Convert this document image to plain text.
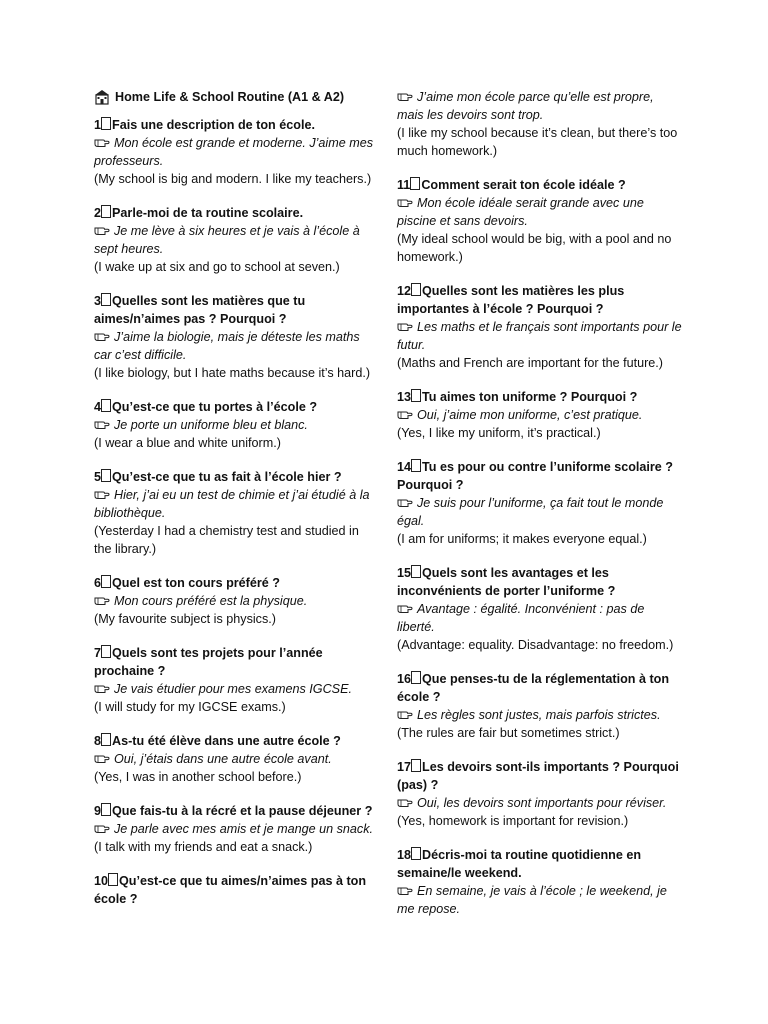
Home Life & School Routine (A1 & A2)
1 Fais une description de ton école.
Mon école est grande et moderne. J’aime mes professeurs.
(My school is big and modern. I like my teachers.)
2 Parle-moi de ta routine scolaire.
Je me lève à six heures et je vais à l’école à sept heures.
(I wake up at six and go to school at seven.)
3 Quelles sont les matières que tu aimes/n’aimes pas ? Pourquoi ?
J’aime la biologie, mais je déteste les maths car c’est difficile.
(I like biology, but I hate maths because it’s hard.)
4 Qu’est-ce que tu portes à l’école ?
Je porte un uniforme bleu et blanc.
(I wear a blue and white uniform.)
5 Qu’est-ce que tu as fait à l’école hier ?
Hier, j’ai eu un test de chimie et j’ai étudié à la bibliothèque.
(Yesterday I had a chemistry test and studied in the library.)
6 Quel est ton cours préféré ?
Mon cours préféré est la physique.
(My favourite subject is physics.)
7 Quels sont tes projets pour l’année prochaine ?
Je vais étudier pour mes examens IGCSE.
(I will study for my IGCSE exams.)
8 As-tu été élève dans une autre école ?
Oui, j’étais dans une autre école avant.
(Yes, I was in another school before.)
9 Que fais-tu à la récré et la pause déjeuner ?
Je parle avec mes amis et je mange un snack.
(I talk with my friends and eat a snack.)
10 Qu’est-ce que tu aimes/n’aimes pas à ton école ?
J’aime mon école parce qu’elle est propre, mais les devoirs sont trop.
(I like my school because it’s clean, but there’s too much homework.)
11 Comment serait ton école idéale ?
Mon école idéale serait grande avec une piscine et sans devoirs.
(My ideal school would be big, with a pool and no homework.)
12 Quelles sont les matières les plus importantes à l’école ? Pourquoi ?
Les maths et le français sont importants pour le futur.
(Maths and French are important for the future.)
13 Tu aimes ton uniforme ? Pourquoi ?
Oui, j’aime mon uniforme, c’est pratique.
(Yes, I like my uniform, it’s practical.)
14 Tu es pour ou contre l’uniforme scolaire ? Pourquoi ?
Je suis pour l’uniforme, ça fait tout le monde égal.
(I am for uniforms; it makes everyone equal.)
15 Quels sont les avantages et les inconvénients de porter l’uniforme ?
Avantage : égalité. Inconvénient : pas de liberté.
(Advantage: equality. Disadvantage: no freedom.)
16 Que penses-tu de la réglementation à ton école ?
Les règles sont justes, mais parfois strictes.
(The rules are fair but sometimes strict.)
17 Les devoirs sont-ils importants ? Pourquoi (pas) ?
Oui, les devoirs sont importants pour réviser.
(Yes, homework is important for revision.)
18 Décris-moi ta routine quotidienne en semaine/le weekend.
En semaine, je vais à l’école ; le weekend, je me repose.
